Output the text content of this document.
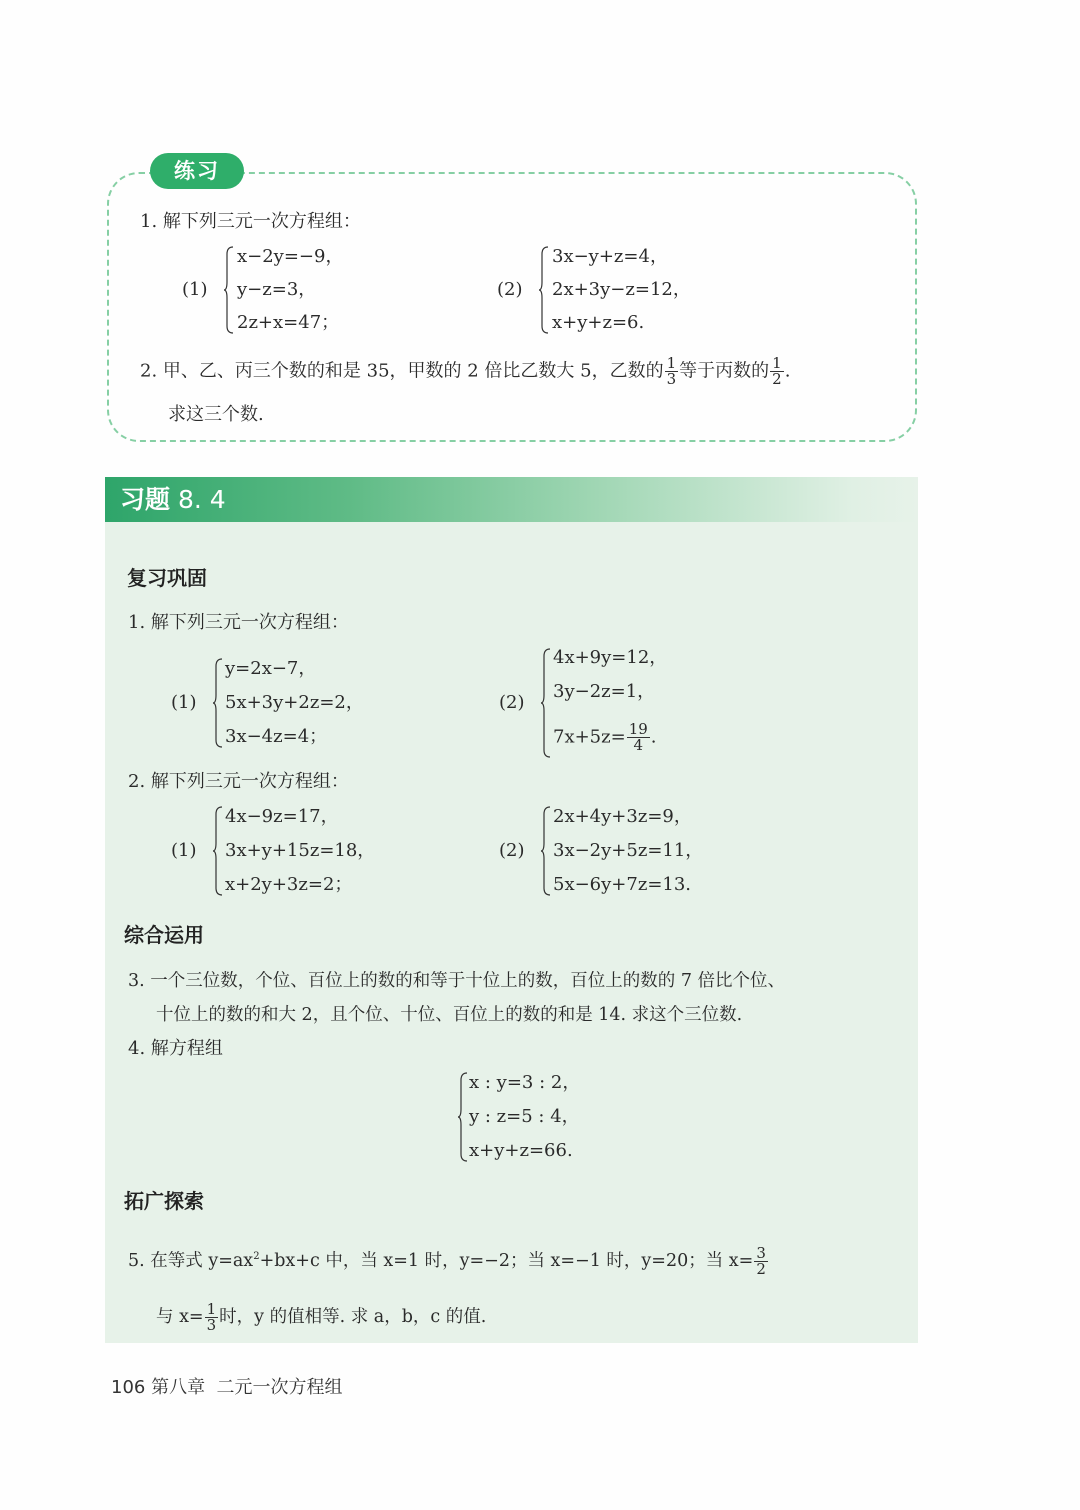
练习
1. 解下列三元一次方程组：
(1)
x−2y=−9，
y−z=3，
2z+x=47；
(2)
3x−y+z=4，
2x+3y−z=12，
x+y+z=6.
2. 甲、乙、丙三个数的和是 35，甲数的 2 倍比乙数大 5，乙数的 $\frac{1}{3}$ 等于丙数的 $\frac{1}{2}$ .
求这三个数.
习题 8. 4
复习巩固
1. 解下列三元一次方程组：
(1)
y=2x−7，
5x+3y+2z=2，
3x−4z=4；
(2)
4x+9y=12，
3y−2z=1，
$7x+5z= \frac{19}{4}$ .
2. 解下列三元一次方程组：
(1)
4x−9z=17，
3x+y+15z=18，
x+2y+3z=2；
(2)
2x+4y+3z=9，
3x−2y+5z=11，
5x−6y+7z=13.
综合运用
3. 一个三位数，个位、百位上的数的和等于十位上的数，百位上的数的 7 倍比个位、
十位上的数的和大 2，且个位、十位、百位上的数的和是 14. 求这个三位数.
4. 解方程组
x : y=3 : 2，
y : z=5 : 4，
x+y+z=66.
拓广探索
5. 在等式 $y=ax^2+bx+c$ 中，当 x=1 时，y=−2；当 x=−1 时，y=20；当 $x= \frac{3}{2}$
与 $x= \frac{1}{3}$ 时，y 的值相等. 求 a，b，c 的值.
106 第八章 二元一次方程组
